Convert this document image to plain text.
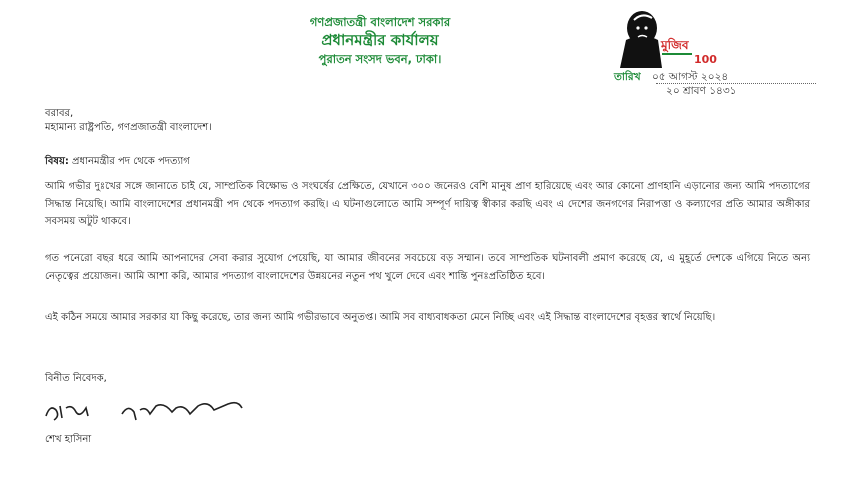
গণপ্রজাতন্ত্রী বাংলাদেশ সরকার
প্রধানমন্ত্রীর কার্যালয়
পুরাতন সংসদ ভবন, ঢাকা।
মুজিব
100
তারিখ ০৫ আগস্ট ২০২৪
২০ শ্রাবণ ১৪৩১
বরাবর,
মহামান্য রাষ্ট্রপতি, গণপ্রজাতন্ত্রী বাংলাদেশ।
বিষয়: প্রধানমন্ত্রীর পদ থেকে পদত্যাগ
আমি গভীর দুঃখের সঙ্গে জানাতে চাই যে, সাম্প্রতিক বিক্ষোভ ও সংঘর্ষের প্রেক্ষিতে, যেখানে ৩০০ জনেরও বেশি মানুষ প্রাণ হারিয়েছে এবং আর কোনো প্রাণহানি এড়ানোর জন্য আমি পদত্যাগের সিদ্ধান্ত নিয়েছি। আমি বাংলাদেশের প্রধানমন্ত্রী পদ থেকে পদত্যাগ করছি। এ ঘটনাগুলোতে আমি সম্পূর্ণ দায়িত্ব স্বীকার করছি এবং এ দেশের জনগণের নিরাপত্তা ও কল্যাণের প্রতি আমার অঙ্গীকার সবসময় অটুট থাকবে।
গত পনেরো বছর ধরে আমি আপনাদের সেবা করার সুযোগ পেয়েছি, যা আমার জীবনের সবচেয়ে বড় সম্মান। তবে সাম্প্রতিক ঘটনাবলী প্রমাণ করেছে যে, এ মুহূর্তে দেশকে এগিয়ে নিতে অন্য নেতৃত্বের প্রয়োজন। আমি আশা করি, আমার পদত্যাগ বাংলাদেশের উন্নয়নের নতুন পথ খুলে দেবে এবং শান্তি পুনঃপ্রতিষ্ঠিত হবে।
এই কঠিন সময়ে আমার সরকার যা কিছু করেছে, তার জন্য আমি গভীরভাবে অনুতপ্ত। আমি সব বাধ্যবাধকতা মেনে নিচ্ছি এবং এই সিদ্ধান্ত বাংলাদেশের বৃহত্তর স্বার্থে নিয়েছি।
বিনীত নিবেদক,
শেখ হাসিনা
